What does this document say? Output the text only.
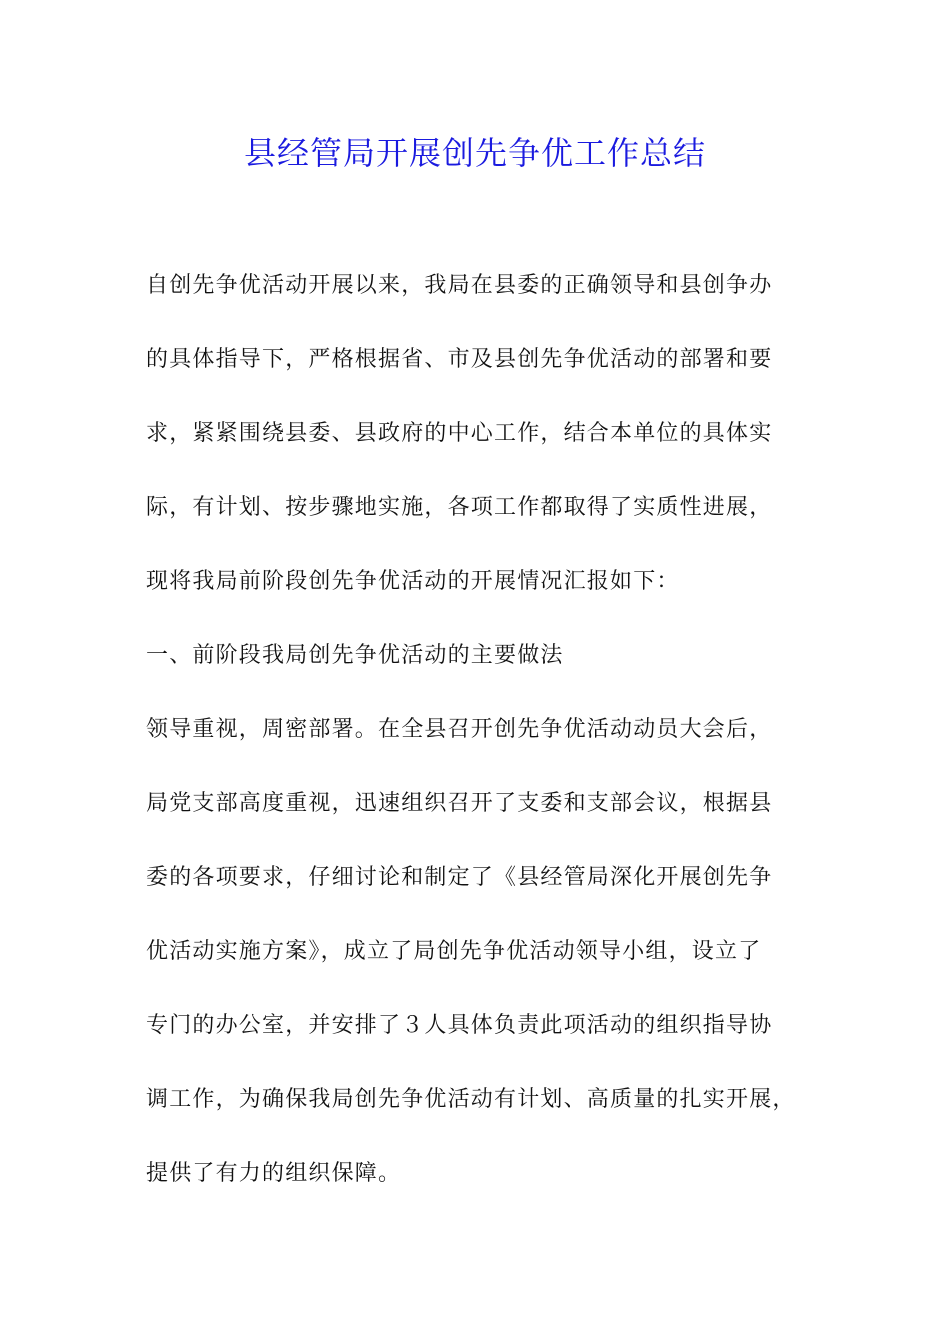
县经管局开展创先争优工作总结

自创先争优活动开展以来，我局在县委的正确领导和县创争办

的具体指导下，严格根据省、市及县创先争优活动的部署和要

求，紧紧围绕县委、县政府的中心工作，结合本单位的具体实

际，有计划、按步骤地实施，各项工作都取得了实质性进展，

现将我局前阶段创先争优活动的开展情况汇报如下：

一、前阶段我局创先争优活动的主要做法

领导重视，周密部署。在全县召开创先争优活动动员大会后，

局党支部高度重视，迅速组织召开了支委和支部会议，根据县

委的各项要求，仔细讨论和制定了《县经管局深化开展创先争

优活动实施方案》，成立了局创先争优活动领导小组，设立了

专门的办公室，并安排了３人具体负责此项活动的组织指导协

调工作，为确保我局创先争优活动有计划、高质量的扎实开展，

提供了有力的组织保障。
